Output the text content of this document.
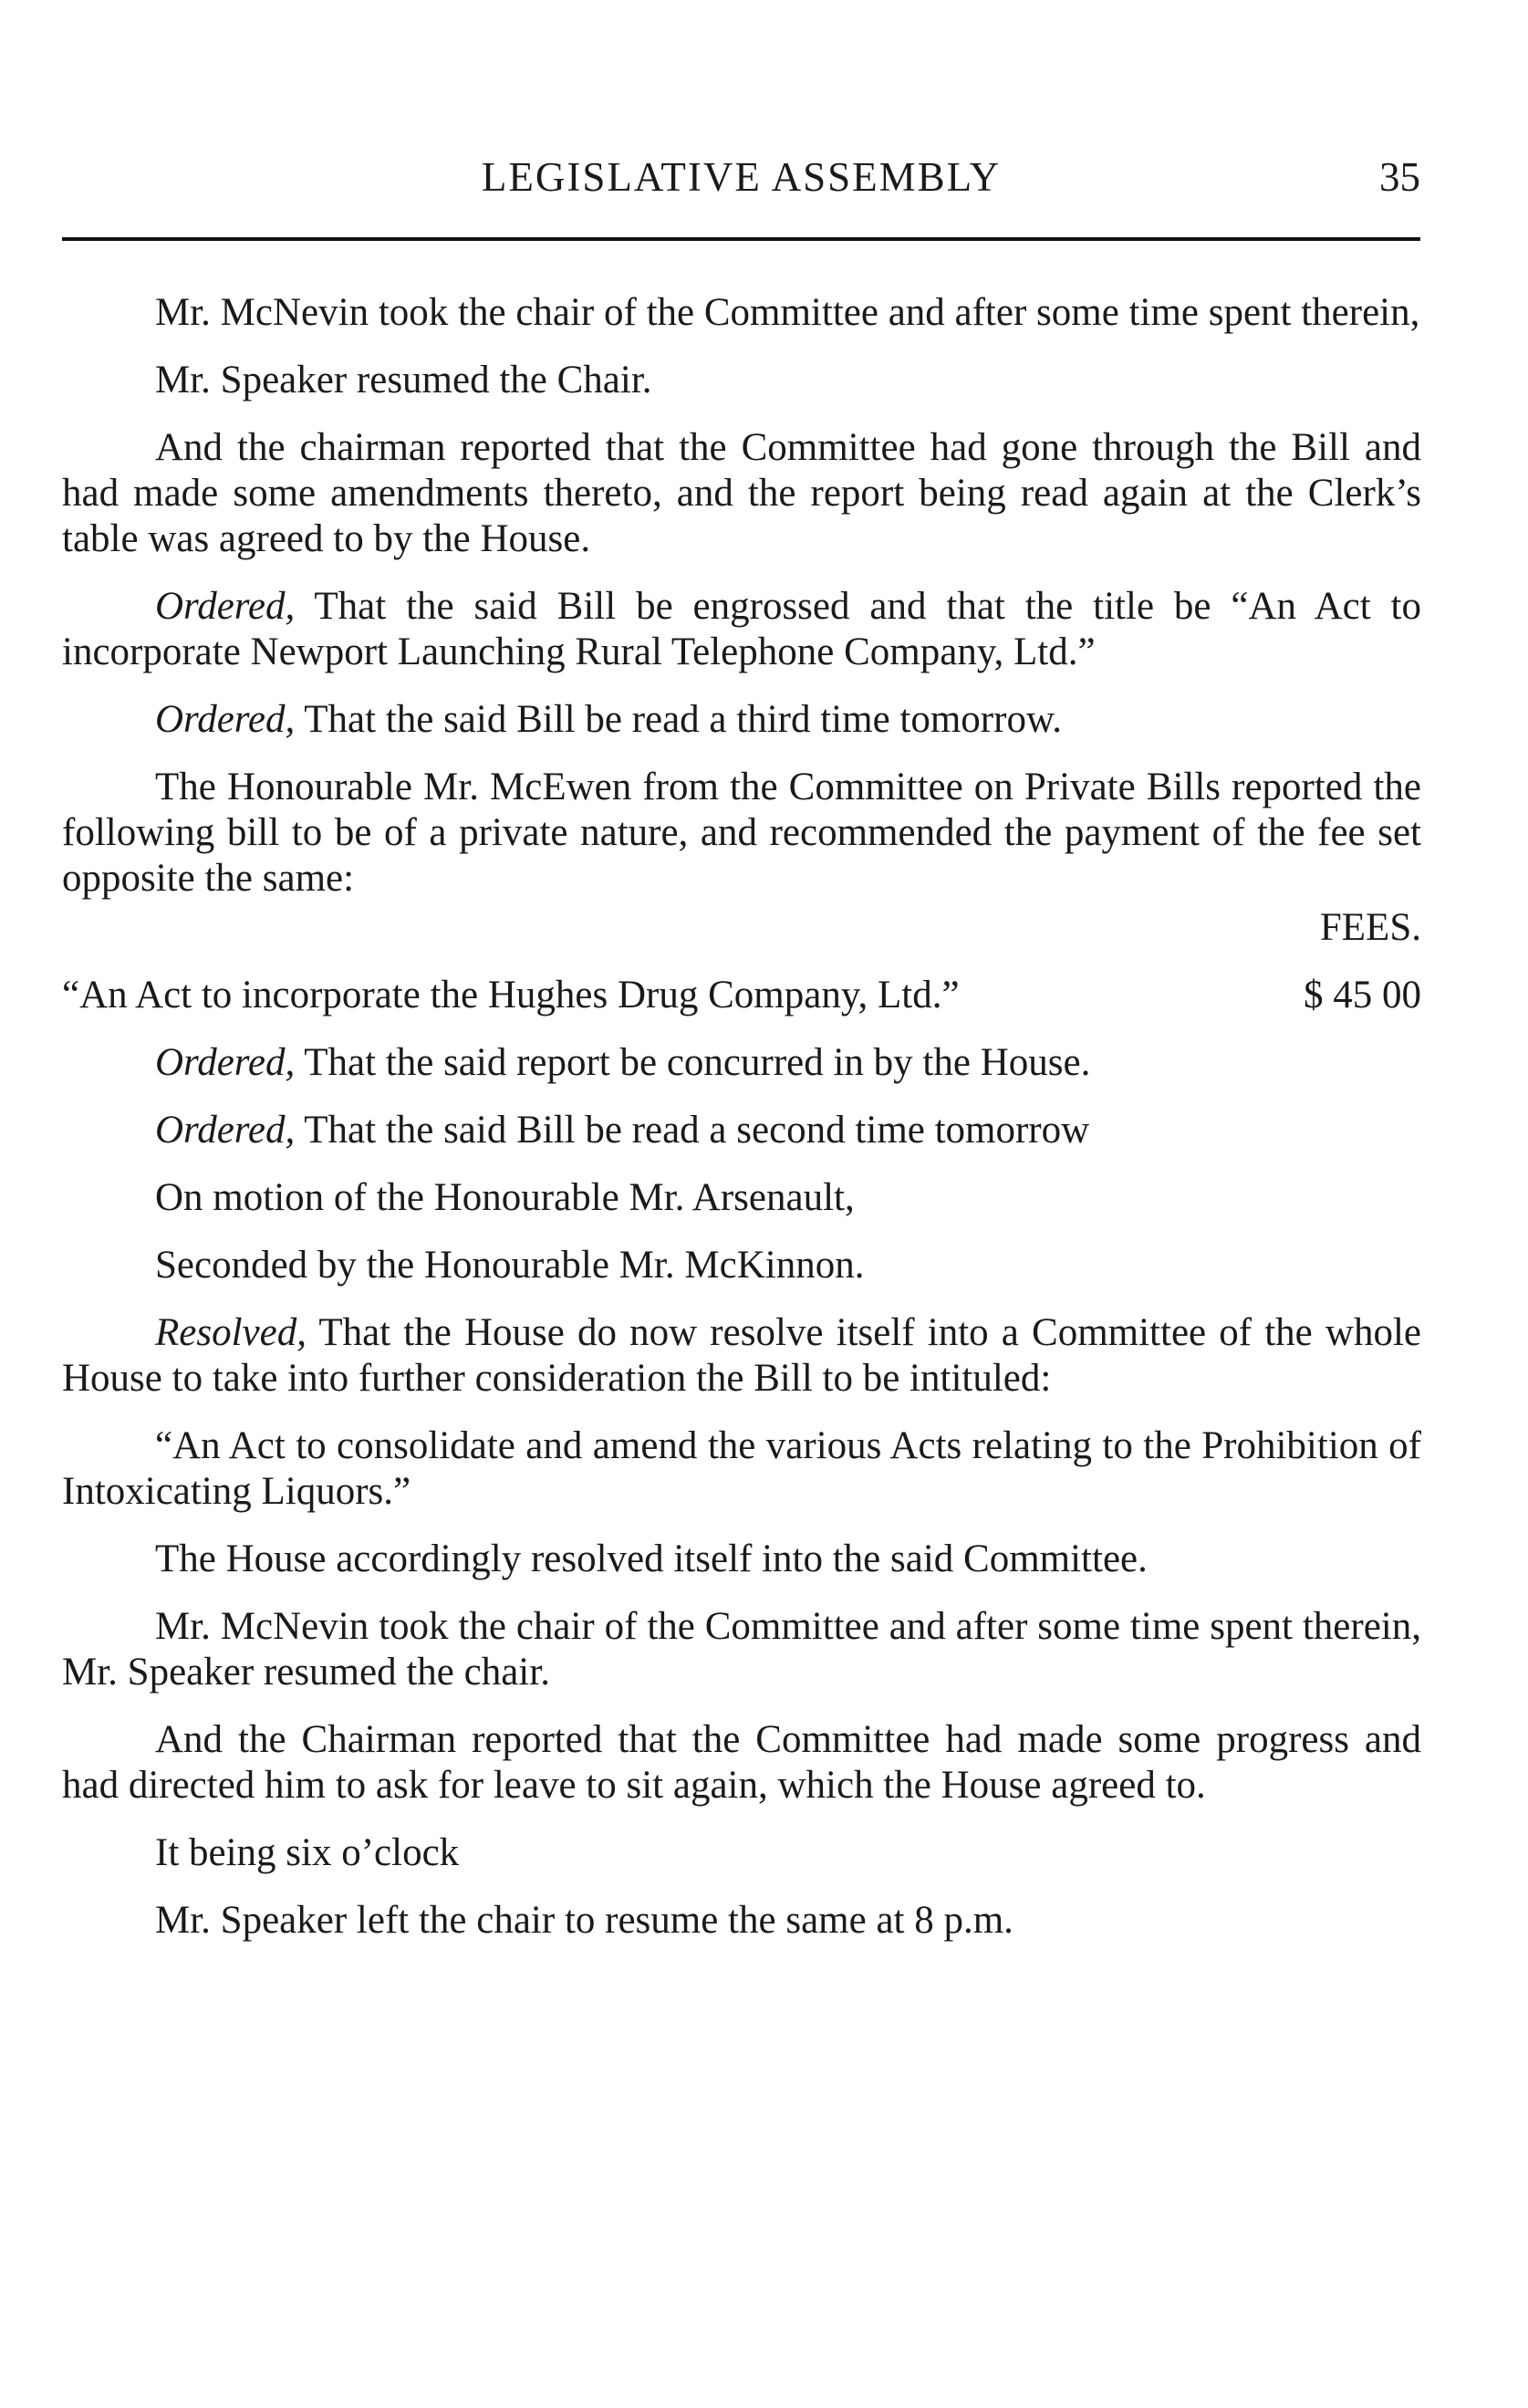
LEGISLATIVE ASSEMBLY	35

Mr. McNevin took the chair of the Committee and after some time spent therein,

Mr. Speaker resumed the Chair.

And the chairman reported that the Committee had gone through the Bill and had made some amendments thereto, and the report being read again at the Clerk’s table was agreed to by the House.

Ordered, That the said Bill be engrossed and that the title be “An Act to incorporate Newport Launching Rural Telephone Company, Ltd.”

Ordered, That the said Bill be read a third time tomorrow.

The Honourable Mr. McEwen from the Committee on Private Bills reported the following bill to be of a private nature, and recommended the payment of the fee set opposite the same:

FEES.
“An Act to incorporate the Hughes Drug Company, Ltd.”	$ 45 00

Ordered, That the said report be concurred in by the House.

Ordered, That the said Bill be read a second time tomorrow

On motion of the Honourable Mr. Arsenault,

Seconded by the Honourable Mr. McKinnon.

Resolved, That the House do now resolve itself into a Committee of the whole House to take into further consideration the Bill to be intituled:

“An Act to consolidate and amend the various Acts relating to the Prohibition of Intoxicating Liquors.”

The House accordingly resolved itself into the said Committee.

Mr. McNevin took the chair of the Committee and after some time spent therein, Mr. Speaker resumed the chair.

And the Chairman reported that the Committee had made some progress and had directed him to ask for leave to sit again, which the House agreed to.

It being six o’clock

Mr. Speaker left the chair to resume the same at 8 p.m.
